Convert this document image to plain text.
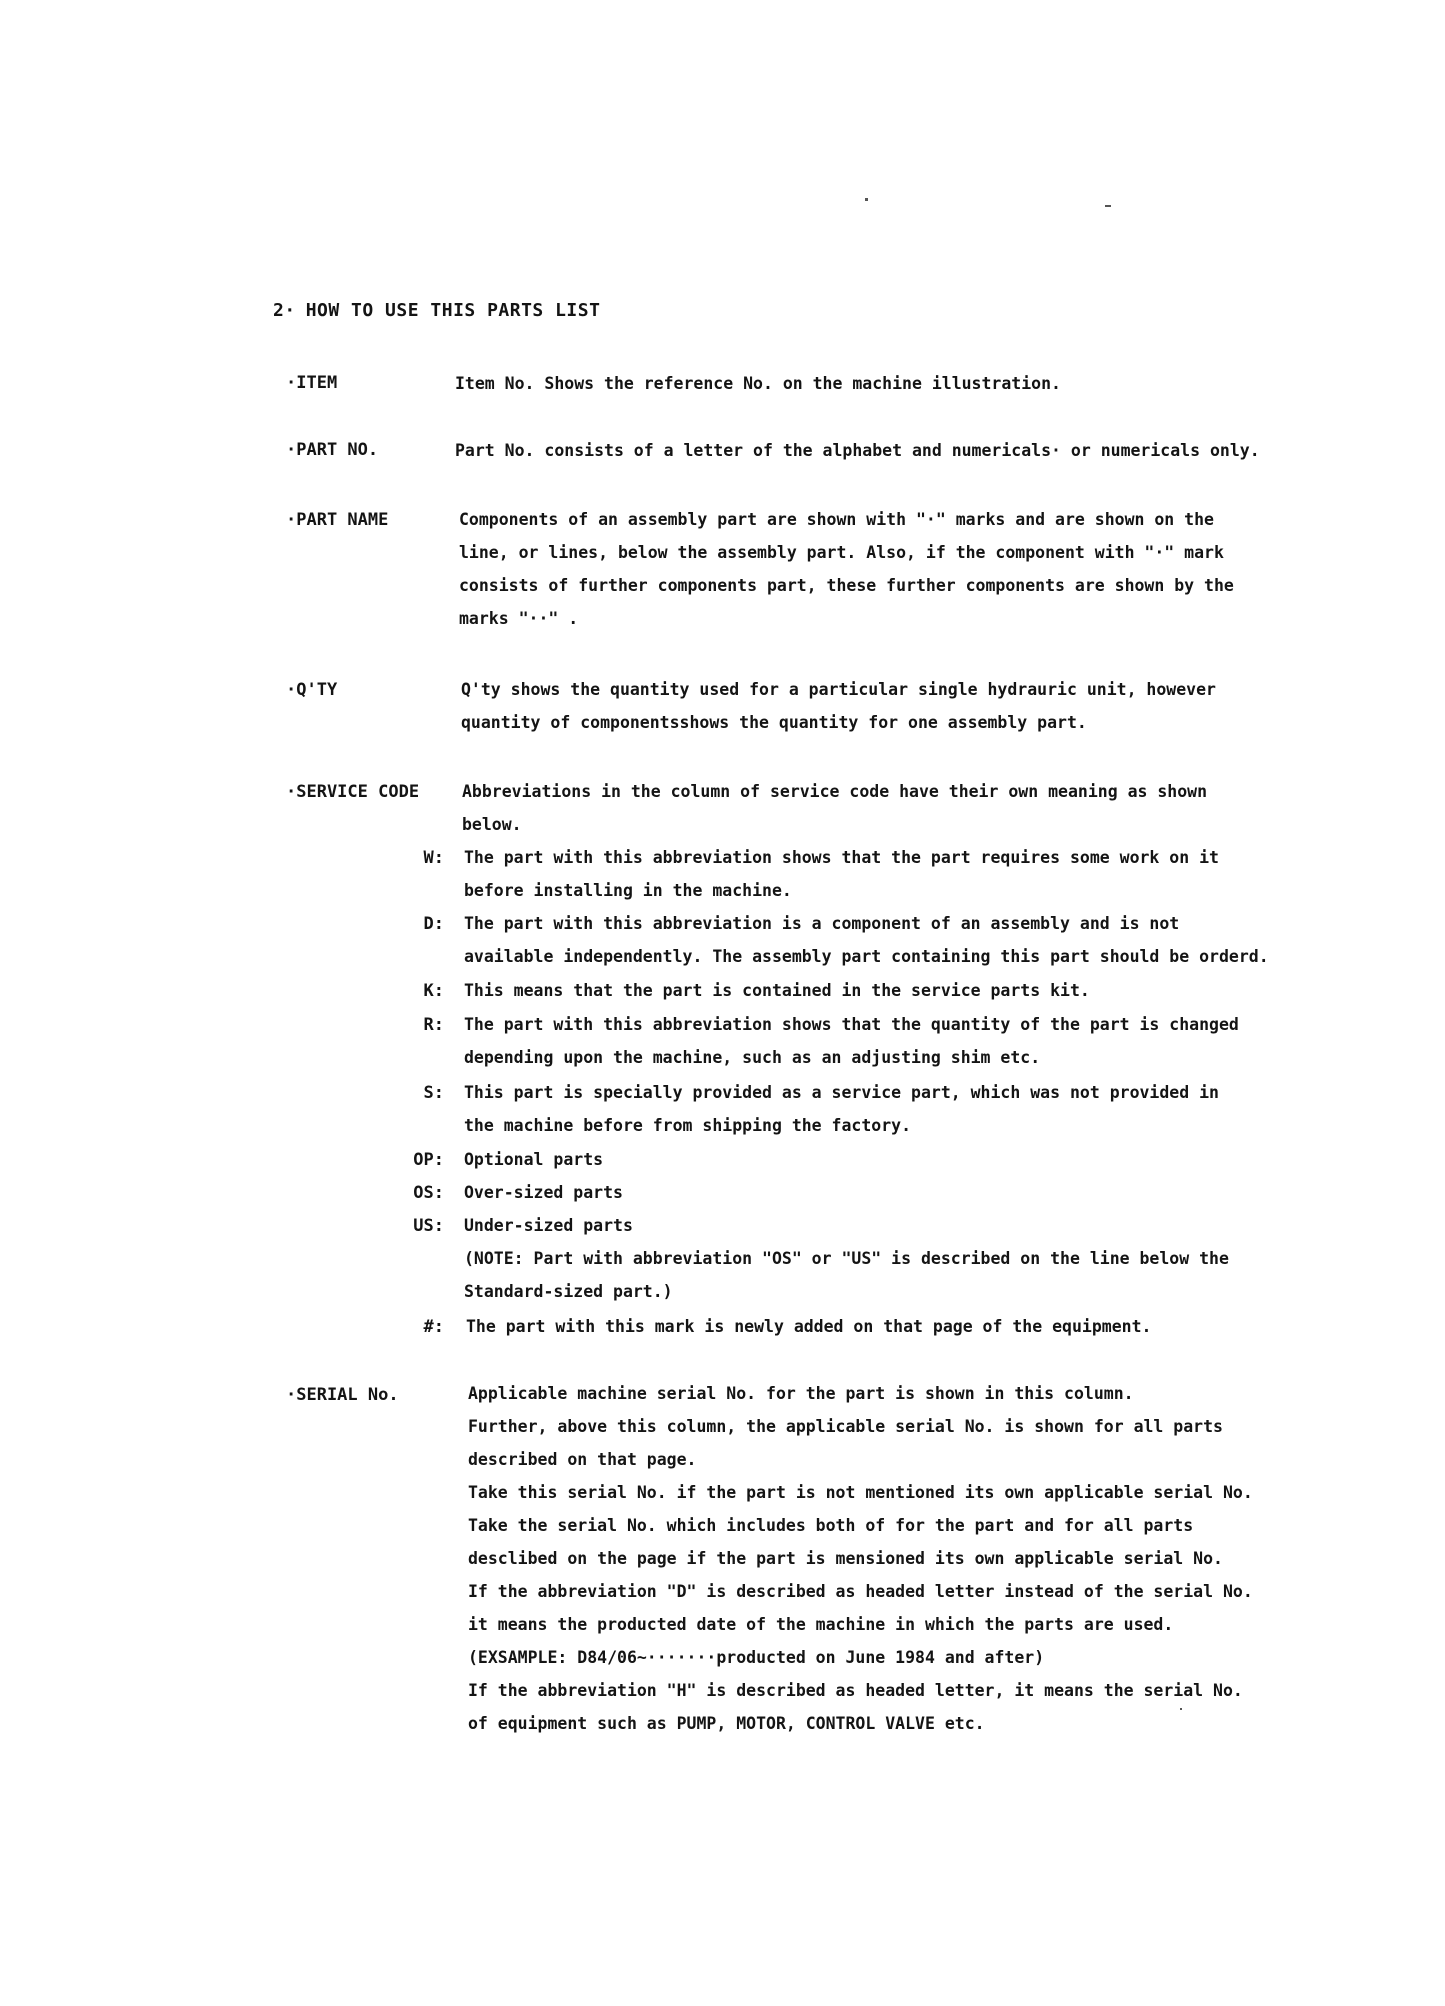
2· HOW TO USE THIS PARTS LIST
·ITEM	Item No. Shows the reference No. on the machine illustration.
·PART NO.	Part No. consists of a letter of the alphabet and numericals· or numericals only.
·PART NAME	Components of an assembly part are shown with "·" marks and are shown on the
line, or lines, below the assembly part. Also, if the component with "·" mark
consists of further components part, these further components are shown by the
marks "··" .
·Q'TY	Q'ty shows the quantity used for a particular single hydrauric unit, however
quantity of componentsshows the quantity for one assembly part.
·SERVICE CODE	Abbreviations in the column of service code have their own meaning as shown
below.
W: The part with this abbreviation shows that the part requires some work on it
before installing in the machine.
D: The part with this abbreviation is a component of an assembly and is not
available independently. The assembly part containing this part should be orderd.
K: This means that the part is contained in the service parts kit.
R: The part with this abbreviation shows that the quantity of the part is changed
depending upon the machine, such as an adjusting shim etc.
S: This part is specially provided as a service part, which was not provided in
the machine before from shipping the factory.
OP: Optional parts
OS: Over-sized parts
US: Under-sized parts
(NOTE: Part with abbreviation "OS" or "US" is described on the line below the
Standard-sized part.)
#: The part with this mark is newly added on that page of the equipment.
·SERIAL No.	Applicable machine serial No. for the part is shown in this column.
Further, above this column, the applicable serial No. is shown for all parts
described on that page.
Take this serial No. if the part is not mentioned its own applicable serial No.
Take the serial No. which includes both of for the part and for all parts
desclibed on the page if the part is mensioned its own applicable serial No.
If the abbreviation "D" is described as headed letter instead of the serial No.
it means the producted date of the machine in which the parts are used.
(EXSAMPLE: D84/06~·······producted on June 1984 and after)
If the abbreviation "H" is described as headed letter, it means the serial No.
of equipment such as PUMP, MOTOR, CONTROL VALVE etc.
